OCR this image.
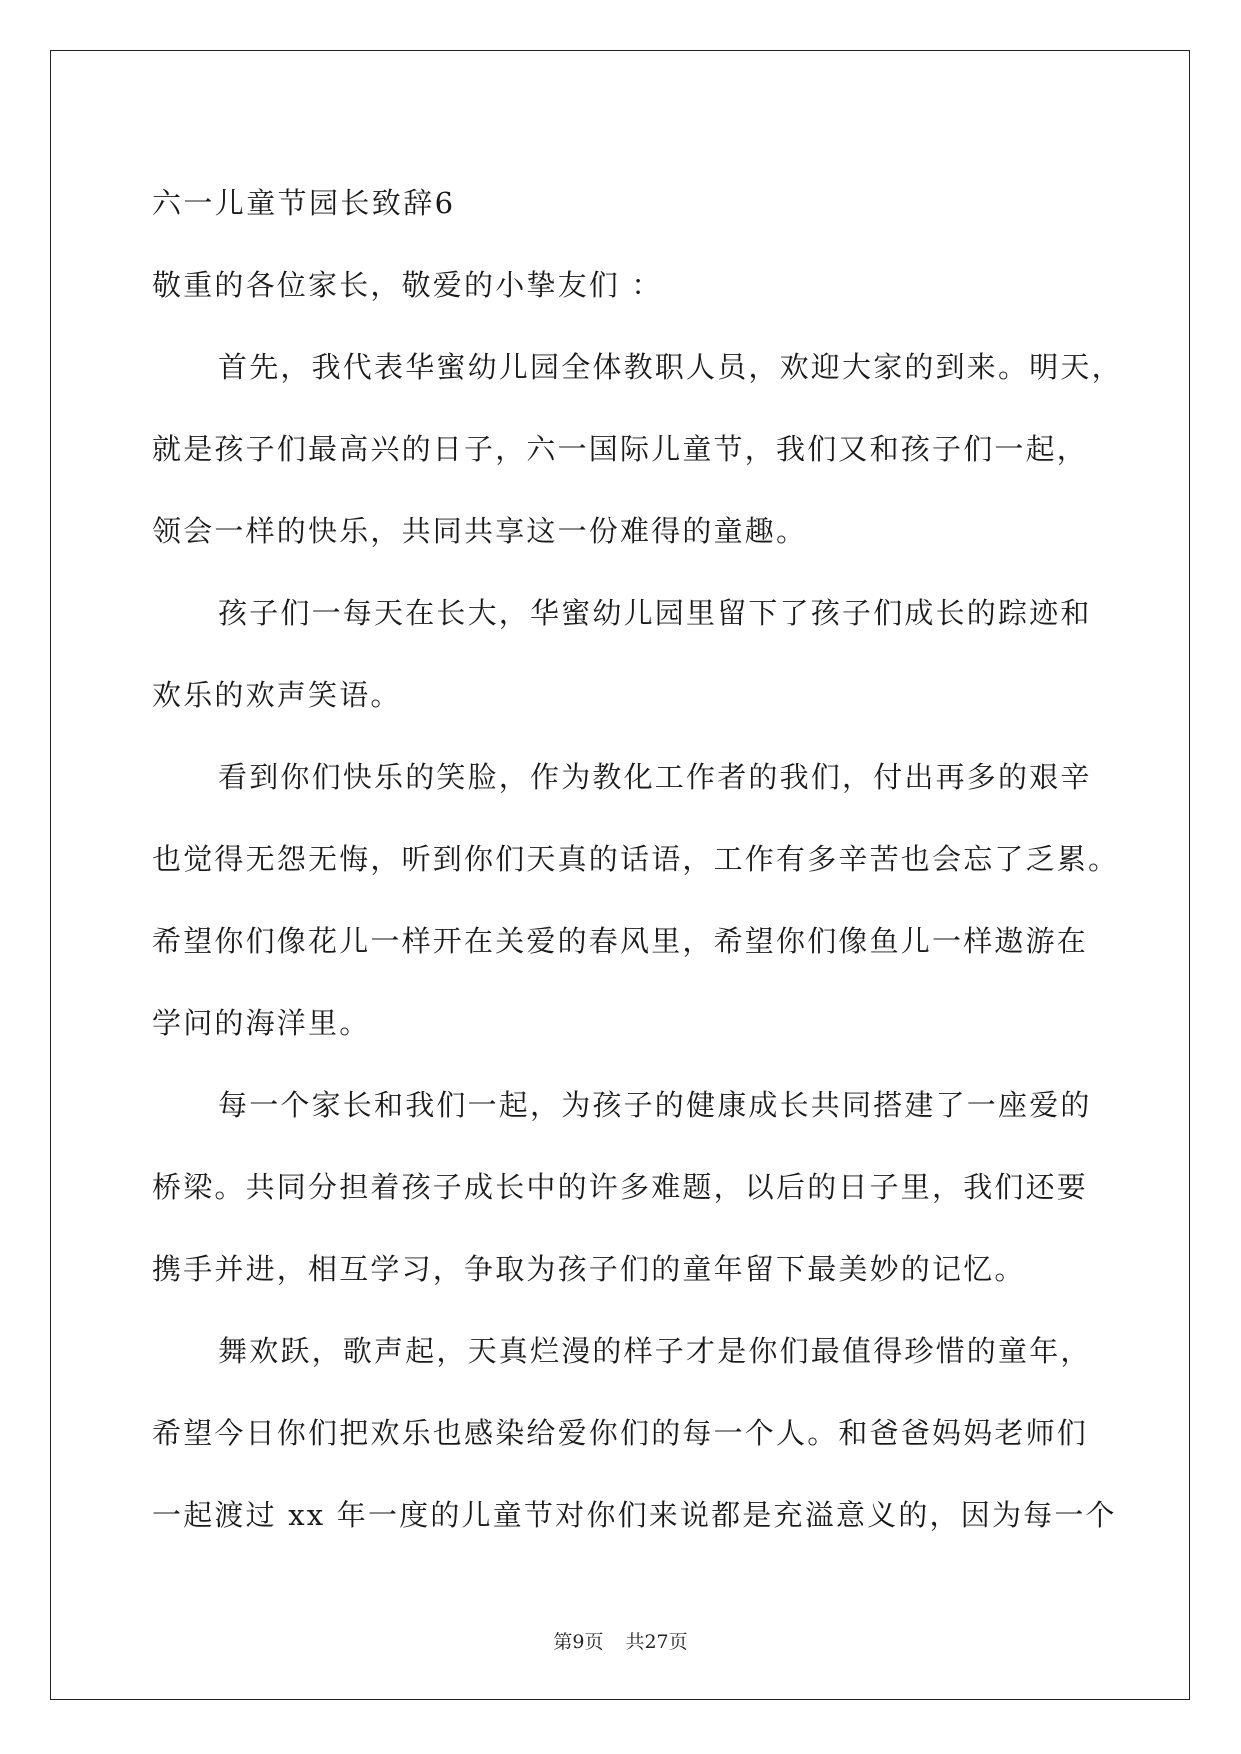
六一儿童节园长致辞6
敬重的各位家长，敬爱的小挚友们 ：
首先，我代表华蜜幼儿园全体教职人员，欢迎大家的到来。明天，
就是孩子们最高兴的日子，六一国际儿童节，我们又和孩子们一起，
领会一样的快乐，共同共享这一份难得的童趣。
孩子们一每天在长大，华蜜幼儿园里留下了孩子们成长的踪迹和
欢乐的欢声笑语。
看到你们快乐的笑脸，作为教化工作者的我们，付出再多的艰辛
也觉得无怨无悔，听到你们天真的话语，工作有多辛苦也会忘了乏累。
希望你们像花儿一样开在关爱的春风里，希望你们像鱼儿一样遨游在
学问的海洋里。
每一个家长和我们一起，为孩子的健康成长共同搭建了一座爱的
桥梁。共同分担着孩子成长中的许多难题，以后的日子里，我们还要
携手并进，相互学习，争取为孩子们的童年留下最美妙的记忆。
舞欢跃，歌声起，天真烂漫的样子才是你们最值得珍惜的童年，
希望今日你们把欢乐也感染给爱你们的每一个人。和爸爸妈妈老师们
一起渡过 xx 年一度的儿童节对你们来说都是充溢意义的，因为每一个
第9页 共27页
